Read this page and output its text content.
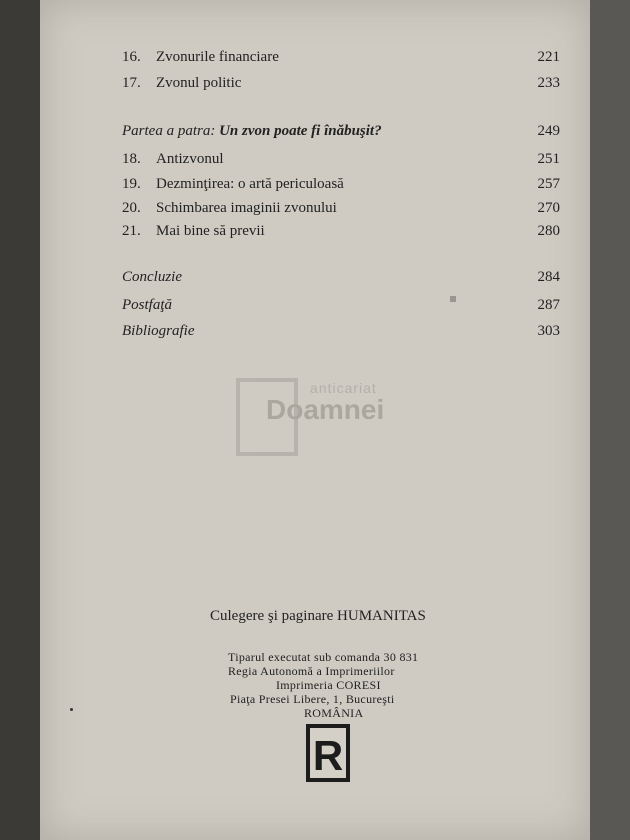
16. Zvonurile financiare	221
17. Zvonul politic	233
Partea a patra: Un zvon poate fi înăbuşit?	249
18. Antizvonul	251
19. Dezminţirea: o artă periculoasă	257
20. Schimbarea imaginii zvonului	270
21. Mai bine să previi	280
Concluzie	284
Postfaţă	287
Bibliografie	303
anticariat
Doamnei
Culegere şi paginare HUMANITAS
Tiparul executat sub comanda 30 831
Regia Autonomă a Imprimeriilor
Imprimeria CORESI
Piaţa Presei Libere, 1, Bucureşti
ROMÂNIA
R
